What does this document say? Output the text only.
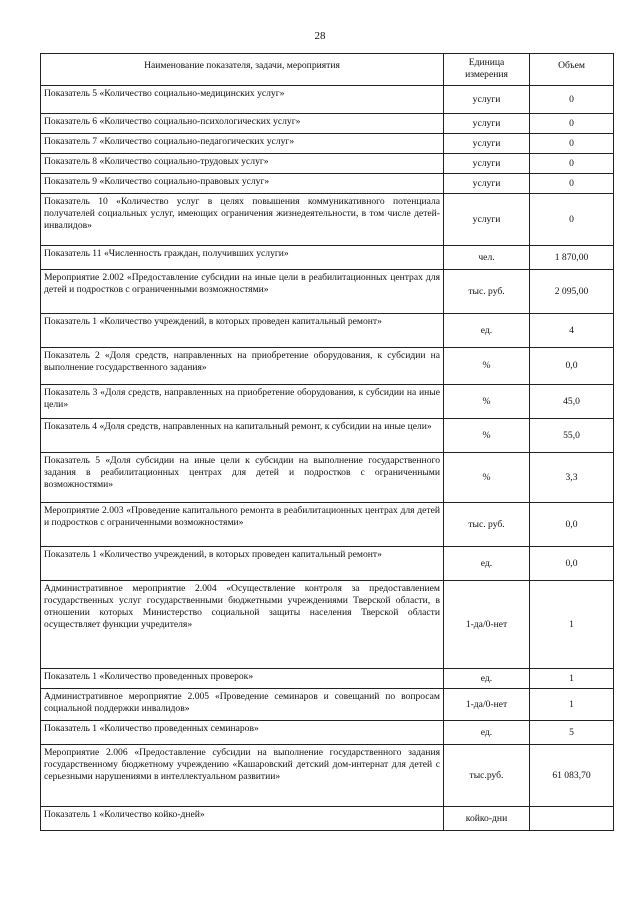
28
Наименование показателя, задачи, мероприятия	Единица измерения	Объем
Показатель 5 «Количество социально-медицинских услуг»	услуги	0
Показатель 6 «Количество социально-психологических услуг»	услуги	0
Показатель 7 «Количество социально-педагогических услуг»	услуги	0
Показатель 8 «Количество социально-трудовых услуг»	услуги	0
Показатель 9 «Количество социально-правовых услуг»	услуги	0
Показатель 10 «Количество услуг в целях повышения коммуникативного потенциала получателей социальных услуг, имеющих ограничения жизнедеятельности, в том числе детей-инвалидов»	услуги	0
Показатель 11 «Численность граждан, получивших услуги»	чел.	1 870,00
Мероприятие 2.002 «Предоставление субсидии на иные цели в реабилитационных центрах для детей и подростков с ограниченными возможностями»	тыс. руб.	2 095,00
Показатель 1 «Количество учреждений, в которых проведен капитальный ремонт»	ед.	4
Показатель 2 «Доля средств, направленных на приобретение оборудования, к субсидии на выполнение государственного задания»	%	0,0
Показатель 3 «Доля средств, направленных на приобретение оборудования, к субсидии на иные цели»	%	45,0
Показатель 4 «Доля средств, направленных на капитальный ремонт, к субсидии на иные цели»	%	55,0
Показатель 5 «Доля субсидии на иные цели к субсидии на выполнение государственного задания в реабилитационных центрах для детей и подростков с ограниченными возможностями»	%	3,3
Мероприятие 2.003 «Проведение капитального ремонта в реабилитационных центрах для детей и подростков с ограниченными возможностями»	тыс. руб.	0,0
Показатель 1 «Количество учреждений, в которых проведен капитальный ремонт»	ед.	0,0
Административное мероприятие 2.004 «Осуществление контроля за предоставлением государственных услуг государственными бюджетными учреждениями Тверской области, в отношении которых Министерство социальной защиты населения Тверской области осуществляет функции учредителя»	1-да/0-нет	1
Показатель 1 «Количество проведенных проверок»	ед.	1
Административное мероприятие 2.005 «Проведение семинаров и совещаний по вопросам социальной поддержки инвалидов»	1-да/0-нет	1
Показатель 1 «Количество проведенных семинаров»	ед.	5
Мероприятие 2.006 «Предоставление субсидии на выполнение государственного задания государственному бюджетному учреждению «Кашаровский детский дом-интернат для детей с серьезными нарушениями в интеллектуальном развитии»	тыс.руб.	61 083,70
Показатель 1 «Количество койко-дней»	койко-дни	
